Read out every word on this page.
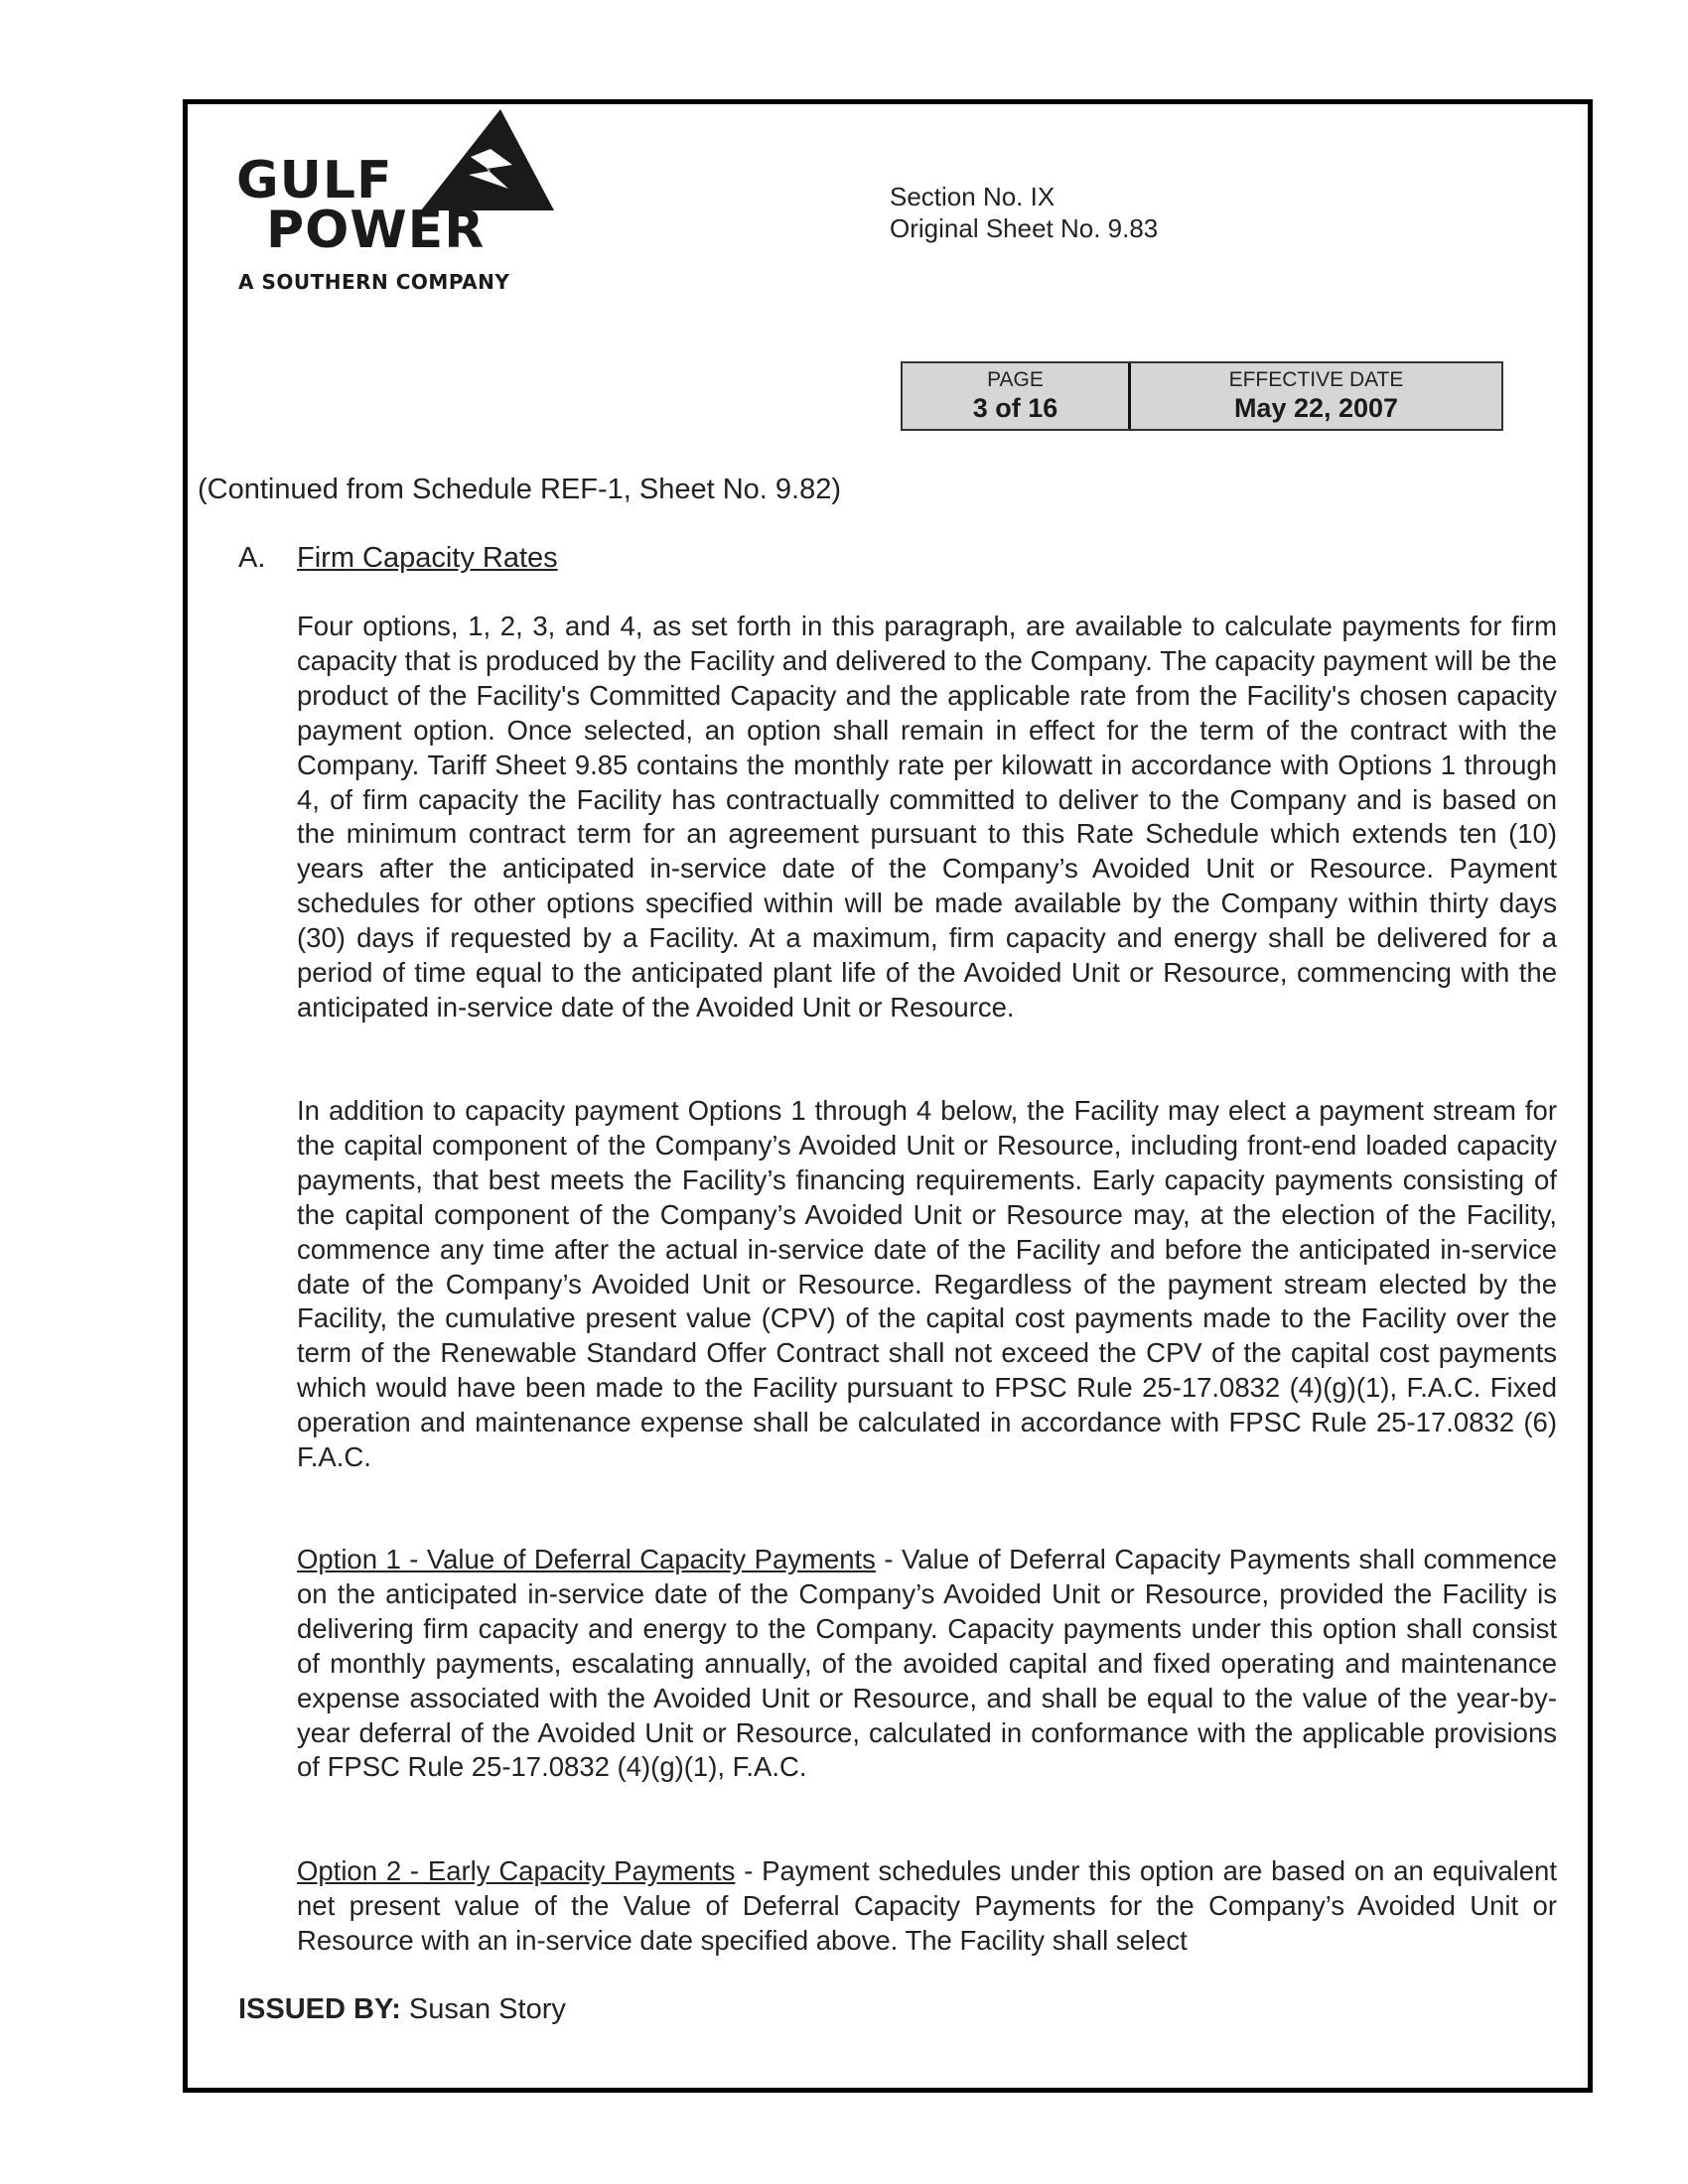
GULF
POWER
A SOUTHERN COMPANY
Section No. IX
Original Sheet No. 9.83
PAGE
3 of 16
EFFECTIVE DATE
May 22, 2007
(Continued from Schedule REF-1, Sheet No. 9.82)
A. Firm Capacity Rates

Four options, 1, 2, 3, and 4, as set forth in this paragraph, are available to calculate payments for firm capacity that is produced by the Facility and delivered to the Company. The capacity payment will be the product of the Facility's Committed Capacity and the applicable rate from the Facility's chosen capacity payment option. Once selected, an option shall remain in effect for the term of the contract with the Company. Tariff Sheet 9.85 contains the monthly rate per kilowatt in accordance with Options 1 through 4, of firm capacity the Facility has contractually committed to deliver to the Company and is based on the minimum contract term for an agreement pursuant to this Rate Schedule which extends ten (10) years after the anticipated in-service date of the Company’s Avoided Unit or Resource. Payment schedules for other options specified within will be made available by the Company within thirty days (30) days if requested by a Facility. At a maximum, firm capacity and energy shall be delivered for a period of time equal to the anticipated plant life of the Avoided Unit or Resource, commencing with the anticipated in-service date of the Avoided Unit or Resource.

In addition to capacity payment Options 1 through 4 below, the Facility may elect a payment stream for the capital component of the Company’s Avoided Unit or Resource, including front-end loaded capacity payments, that best meets the Facility’s financing requirements. Early capacity payments consisting of the capital component of the Company’s Avoided Unit or Resource may, at the election of the Facility, commence any time after the actual in-service date of the Facility and before the anticipated in-service date of the Company’s Avoided Unit or Resource. Regardless of the payment stream elected by the Facility, the cumulative present value (CPV) of the capital cost payments made to the Facility over the term of the Renewable Standard Offer Contract shall not exceed the CPV of the capital cost payments which would have been made to the Facility pursuant to FPSC Rule 25-17.0832 (4)(g)(1), F.A.C. Fixed operation and maintenance expense shall be calculated in accordance with FPSC Rule 25-17.0832 (6) F.A.C.

Option 1 - Value of Deferral Capacity Payments - Value of Deferral Capacity Payments shall commence on the anticipated in-service date of the Company’s Avoided Unit or Resource, provided the Facility is delivering firm capacity and energy to the Company. Capacity payments under this option shall consist of monthly payments, escalating annually, of the avoided capital and fixed operating and maintenance expense associated with the Avoided Unit or Resource, and shall be equal to the value of the year-by-year deferral of the Avoided Unit or Resource, calculated in conformance with the applicable provisions of FPSC Rule 25-17.0832 (4)(g)(1), F.A.C.

Option 2 - Early Capacity Payments - Payment schedules under this option are based on an equivalent net present value of the Value of Deferral Capacity Payments for the Company’s Avoided Unit or Resource with an in-service date specified above. The Facility shall select

ISSUED BY: Susan Story
